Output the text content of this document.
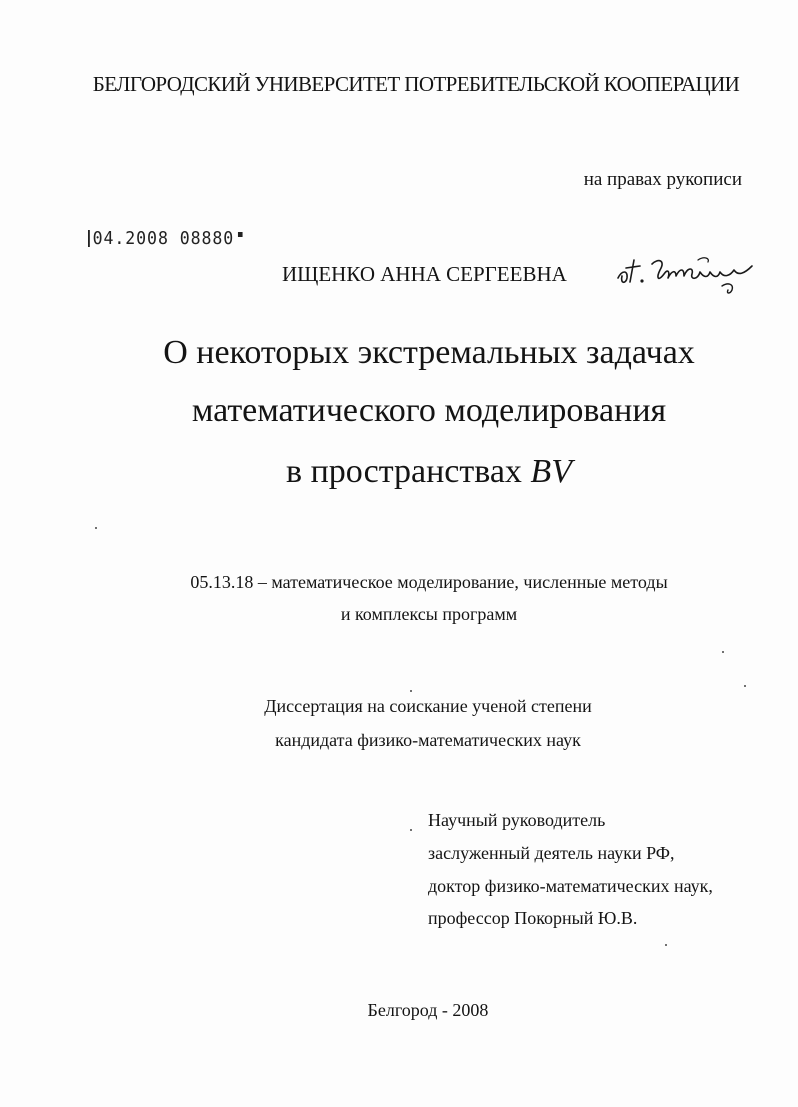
БЕЛГОРОДСКИЙ УНИВЕРСИТЕТ ПОТРЕБИТЕЛЬСКОЙ КООПЕРАЦИИ
на правах рукописи
04.2008 08880
ИЩЕНКО АННА СЕРГЕЕВНА
О некоторых экстремальных задачах
математического моделирования
в пространствах BV
05.13.18 – математическое моделирование, численные методы
и комплексы программ
Диссертация на соискание ученой степени
кандидата физико-математических наук
Научный руководитель
заслуженный деятель науки РФ,
доктор физико-математических наук,
профессор Покорный Ю.В.
Белгород - 2008
